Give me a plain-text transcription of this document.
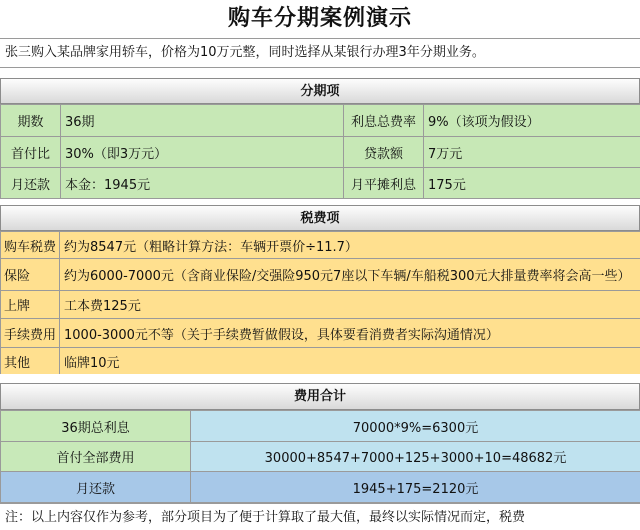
购车分期案例演示
张三购入某品牌家用轿车，价格为10万元整，同时选择从某银行办理3年分期业务。
分期项
期数	36期	利息总费率	9%（该项为假设）
首付比	30%（即3万元）	贷款额	7万元
月还款	本金：1945元	月平摊利息	175元
税费项
购车税费	约为8547元（粗略计算方法：车辆开票价÷11.7）
保险	约为6000-7000元（含商业保险/交强险950元7座以下车辆/车船税300元大排量费率将会高一些）
上牌	工本费125元
手续费用	1000-3000元不等（关于手续费暂做假设，具体要看消费者实际沟通情况）
其他	临牌10元
费用合计
36期总利息	70000*9%=6300元
首付全部费用	30000+8547+7000+125+3000+10=48682元
月还款	1945+175=2120元
注：以上内容仅作为参考，部分项目为了便于计算取了最大值，最终以实际情况而定，税费
